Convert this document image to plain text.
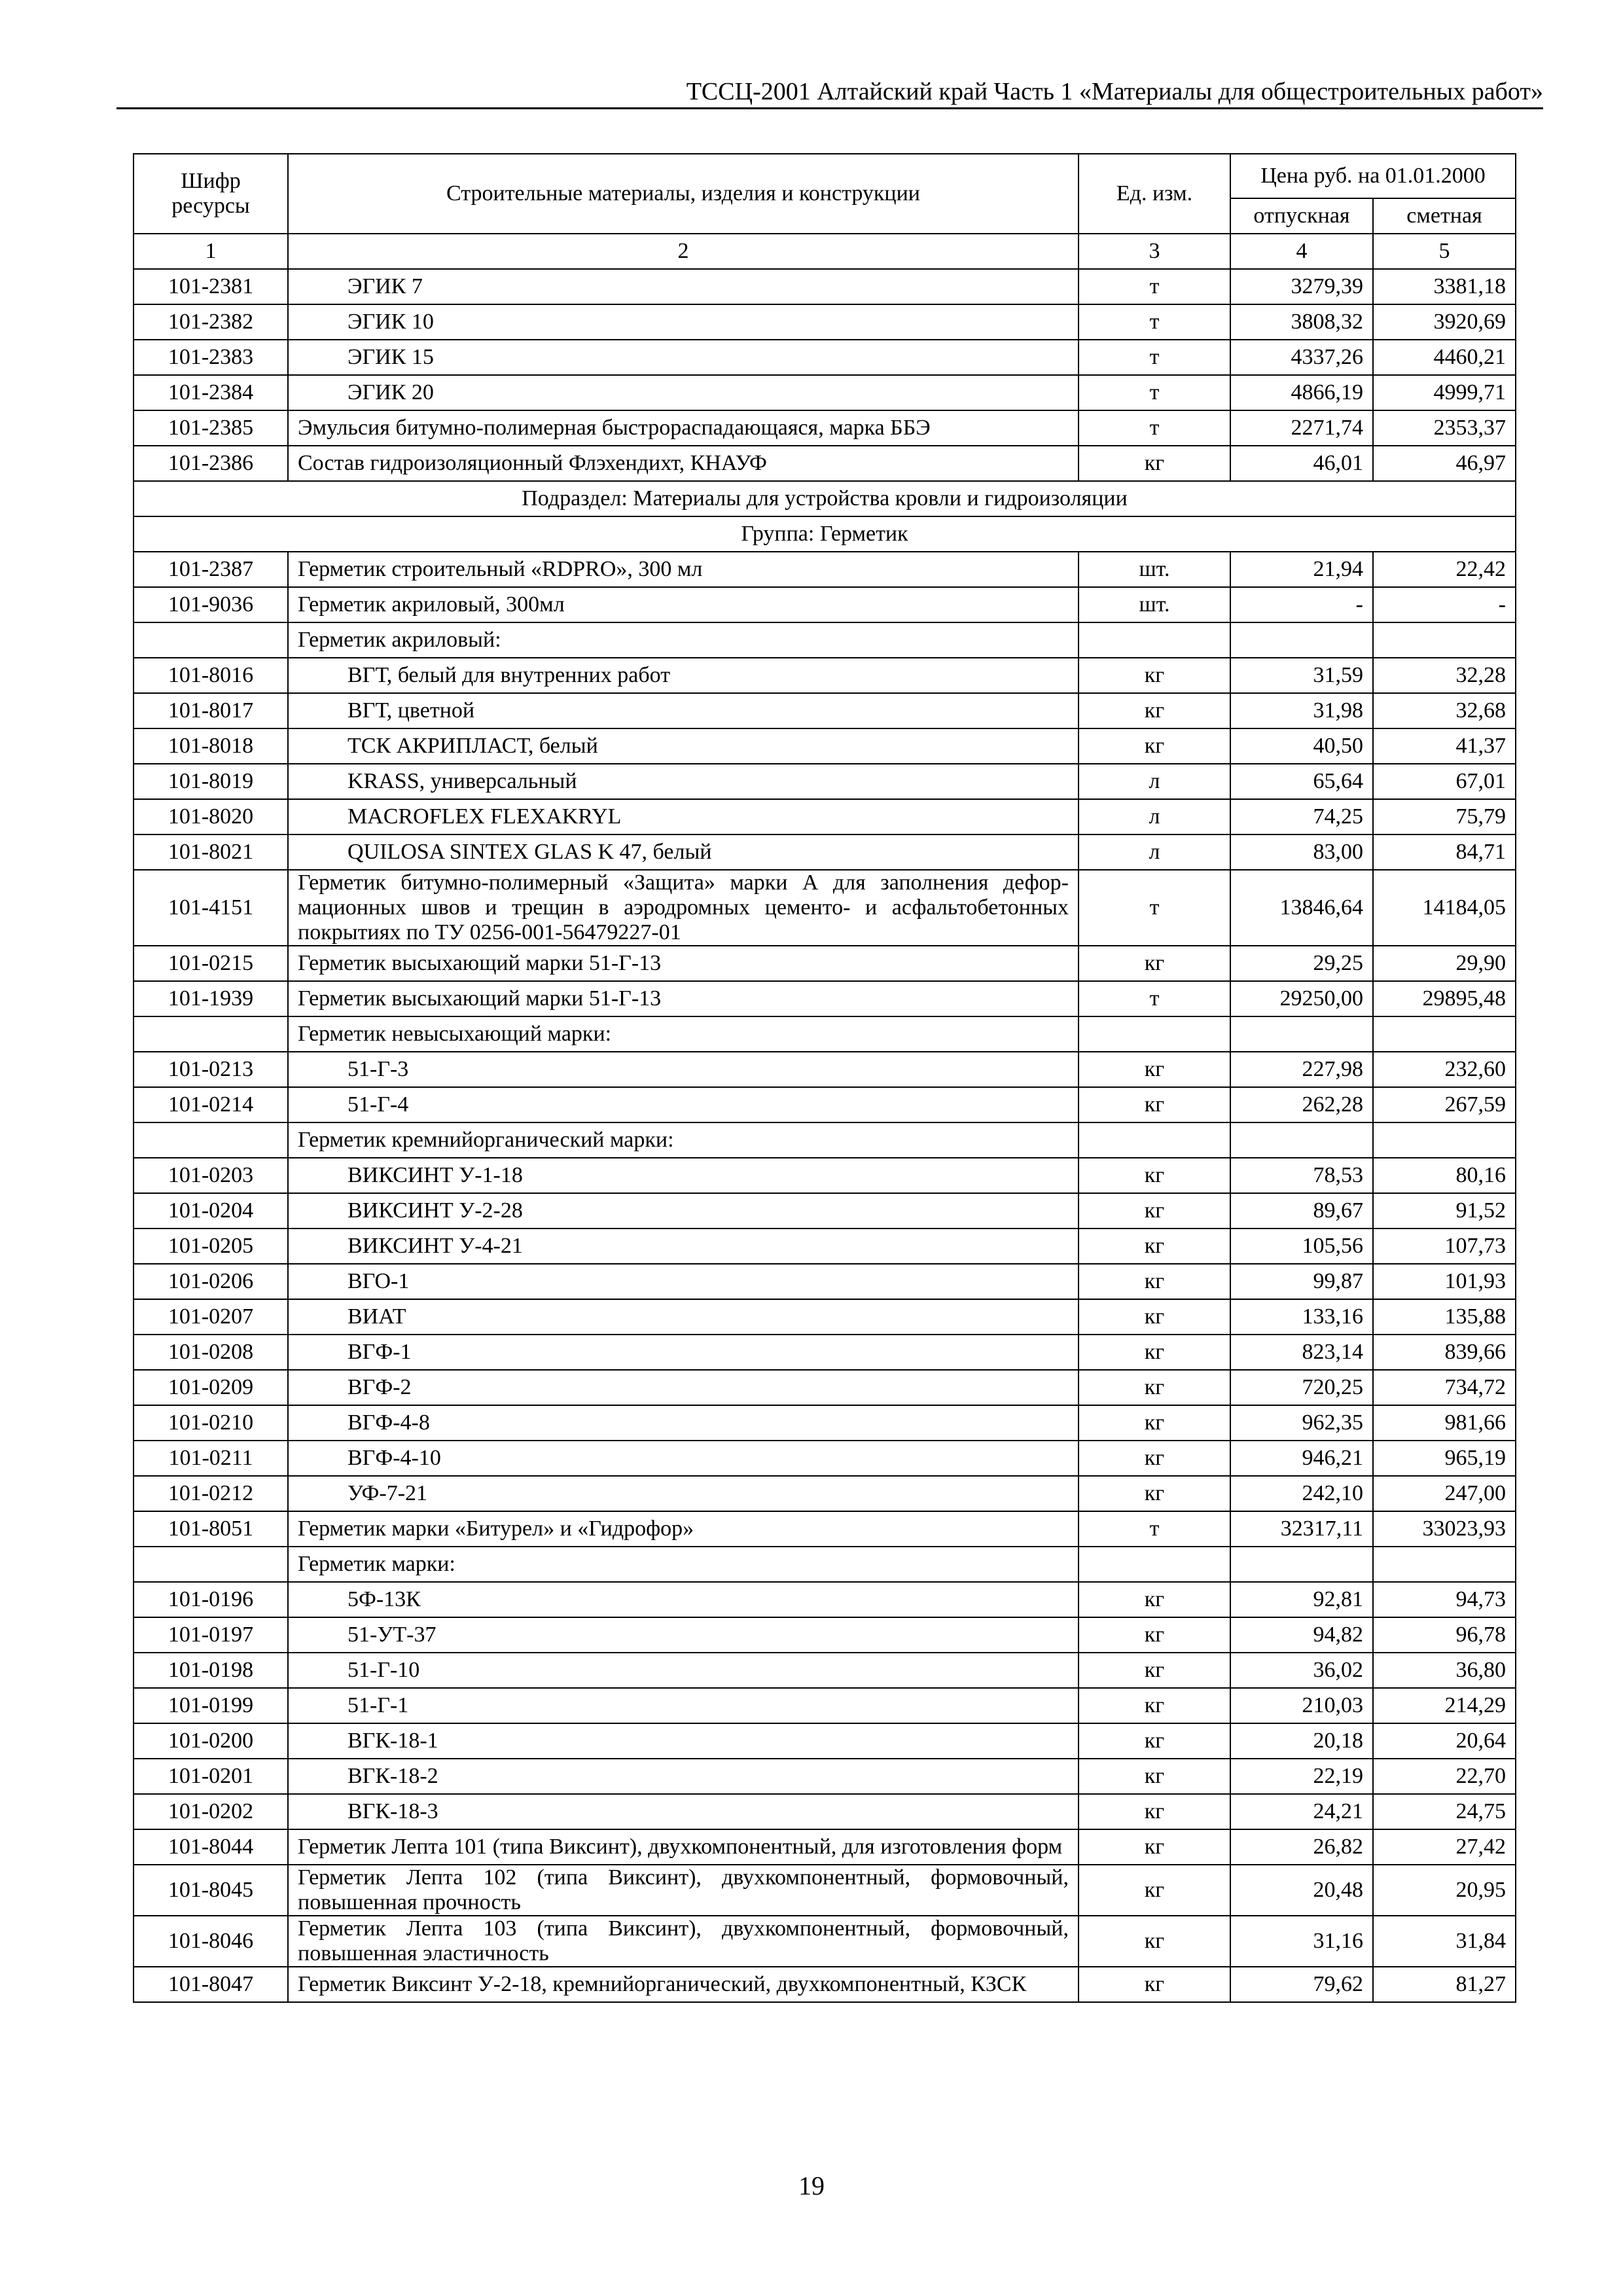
ТССЦ-2001 Алтайский край Часть 1 «Материалы для общестроительных работ»
Шифр ресурсы	Строительные материалы, изделия и конструкции	Ед. изм.	Цена руб. на 01.01.2000	
			отпускная	сметная
1	2	3	4	5
101-2381	ЭГИК 7	т	3279,39	3381,18
101-2382	ЭГИК 10	т	3808,32	3920,69
101-2383	ЭГИК 15	т	4337,26	4460,21
101-2384	ЭГИК 20	т	4866,19	4999,71
101-2385	Эмульсия битумно-полимерная быстрораспадающаяся, марка ББЭ	т	2271,74	2353,37
101-2386	Состав гидроизоляционный Флэхендихт, КНАУФ	кг	46,01	46,97
Подраздел: Материалы для устройства кровли и гидроизоляции				
Группа: Герметик				
101-2387	Герметик строительный «RDPRO», 300 мл	шт.	21,94	22,42
101-9036	Герметик акриловый, 300мл	шт.	-	-
	Герметик акриловый:			
101-8016	ВГТ, белый для внутренних работ	кг	31,59	32,28
101-8017	ВГТ, цветной	кг	31,98	32,68
101-8018	ТСК АКРИПЛАСТ, белый	кг	40,50	41,37
101-8019	KRASS, универсальный	л	65,64	67,01
101-8020	MACROFLEX FLEXAKRYL	л	74,25	75,79
101-8021	QUILOSA SINTEX GLAS K 47, белый	л	83,00	84,71
101-4151	Герметик битумно-полимерный «Защита» марки А для заполнения дефор-мационных швов и трещин в аэродромных цементо- и асфальтобетонных покрытиях по ТУ 0256-001-56479227-01	т	13846,64	14184,05
101-0215	Герметик высыхающий марки 51-Г-13	кг	29,25	29,90
101-1939	Герметик высыхающий марки 51-Г-13	т	29250,00	29895,48
	Герметик невысыхающий марки:			
101-0213	51-Г-3	кг	227,98	232,60
101-0214	51-Г-4	кг	262,28	267,59
	Герметик кремнийорганический марки:			
101-0203	ВИКСИНТ У-1-18	кг	78,53	80,16
101-0204	ВИКСИНТ У-2-28	кг	89,67	91,52
101-0205	ВИКСИНТ У-4-21	кг	105,56	107,73
101-0206	ВГО-1	кг	99,87	101,93
101-0207	ВИАТ	кг	133,16	135,88
101-0208	ВГФ-1	кг	823,14	839,66
101-0209	ВГФ-2	кг	720,25	734,72
101-0210	ВГФ-4-8	кг	962,35	981,66
101-0211	ВГФ-4-10	кг	946,21	965,19
101-0212	УФ-7-21	кг	242,10	247,00
101-8051	Герметик марки «Битурел» и «Гидрофор»	т	32317,11	33023,93
	Герметик марки:			
101-0196	5Ф-13К	кг	92,81	94,73
101-0197	51-УТ-37	кг	94,82	96,78
101-0198	51-Г-10	кг	36,02	36,80
101-0199	51-Г-1	кг	210,03	214,29
101-0200	ВГК-18-1	кг	20,18	20,64
101-0201	ВГК-18-2	кг	22,19	22,70
101-0202	ВГК-18-3	кг	24,21	24,75
101-8044	Герметик Лепта 101 (типа Виксинт), двухкомпонентный, для изготовления форм	кг	26,82	27,42
101-8045	Герметик Лепта 102 (типа Виксинт), двухкомпонентный, формовочный, повышенная прочность	кг	20,48	20,95
101-8046	Герметик Лепта 103 (типа Виксинт), двухкомпонентный, формовочный, повышенная эластичность	кг	31,16	31,84
101-8047	Герметик Виксинт У-2-18, кремнийорганический, двухкомпонентный, КЗСК	кг	79,62	81,27
19
